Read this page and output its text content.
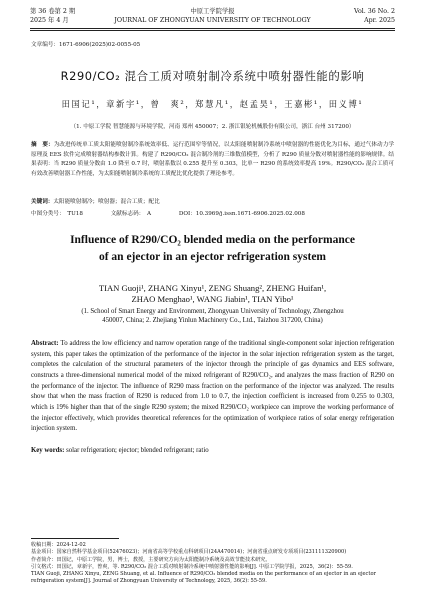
第 36 卷第 2 期
2025 年 4 月
中原工学院学报
JOURNAL OF ZHONGYUAN UNIVERSITY OF TECHNOLOGY
Vol. 36 No. 2
Apr. 2025
文章编号：1671-6906(2025)02-0055-05
R290/CO₂ 混合工质对喷射制冷系统中喷射器性能的影响
田国记¹，章新宇¹，曾　爽²，郑慧凡¹，赵孟昊¹，王嘉彬¹，田义博¹
（1. 中原工学院 智慧能源与环境学院，河南 郑州 450007；2. 浙江银轮机械股份有限公司，浙江 台州 317200）
摘　要：为改进传统单工质太阳能喷射制冷系统效率低、运行范围窄等情况，以太阳能喷射制冷系统中喷射器的性能优化为目标，通过气体动力学原理及 EES 软件完成喷射器结构参数计算。构建了 R290/CO₂ 混合制冷剂的三维数值模型，分析了 R290 质量分数对喷射器性能的影响规律。结果表明：当 R290 质量分数由 1.0 降至 0.7 时，喷射系数以 0.255 提升至 0.303，比单一 R290 的系统效率提高 19%。R290/CO₂ 混合工质可有效改善喷射器工作性能，为太阳能喷射制冷系统的工质配比优化提供了理论参考。
关键词：太阳能喷射制冷；喷射器；混合工质；配比
中图分类号：　TU18	文献标志码：　A	DOI：10.3969/j.issn.1671-6906.2025.02.008
Influence of R290/CO₂ blended media on the performance
of an ejector in an ejector refrigeration system
TIAN Guoji¹, ZHANG Xinyu¹, ZENG Shuang², ZHENG Huifan¹,
ZHAO Menghao¹, WANG Jiabin¹, TIAN Yibo¹
(1. School of Smart Energy and Environment, Zhongyuan University of Technology, Zhengzhou
450007, China; 2. Zhejiang Yinlun Machinery Co., Ltd., Taizhou 317200, China)
Abstract: To address the low efficiency and narrow operation range of the traditional single-component solar injection refrigeration system, this paper takes the optimization of the performance of the injector in the solar injection refrigeration system as the target, completes the calculation of the structural parameters of the injector through the principle of gas dynamics and EES software, constructs a three-dimensional numerical model of the mixed refrigerant of R290/CO₂, and analyzes the mass fraction of R290 on the performance of the injector. The influence of R290 mass fraction on the performance of the injector was analyzed. The results show that when the mass fraction of R290 is reduced from 1.0 to 0.7, the injection coefficient is increased from 0.255 to 0.303, which is 19% higher than that of the single R290 system; the mixed R290/CO₂ workpiece can improve the working performance of the injector effectively, which provides theoretical references for the optimization of workpiece ratios of solar energy refrigeration injection system.
Key words: solar refrigeration; ejector; blended refrigerant; ratio
收稿日期：2024-12-02
基金项目：国家自然科学基金项目(52476023)；河南省高等学校重点科研项目(24A470014)；河南省重点研发专项项目(231111320900)
作者简介：田国记，中原工学院，男，博士，教授，主要研究方向为太阳能制冷系统及高效节能技术研究。
引文格式：田国记，章新宇，曾爽，等. R290/CO₂ 混合工质对喷射制冷系统中喷射器性能的影响[J]. 中原工学院学报，2025，36(2)：55-59.
TIAN Guoji, ZHANG Xinyu, ZENG Shuang, et al. Influence of R290/CO₂ blended media on the performance of an ejector in an ejector refrigeration system[J]. Journal of Zhongyuan University of Technology, 2025, 36(2): 55-59.
